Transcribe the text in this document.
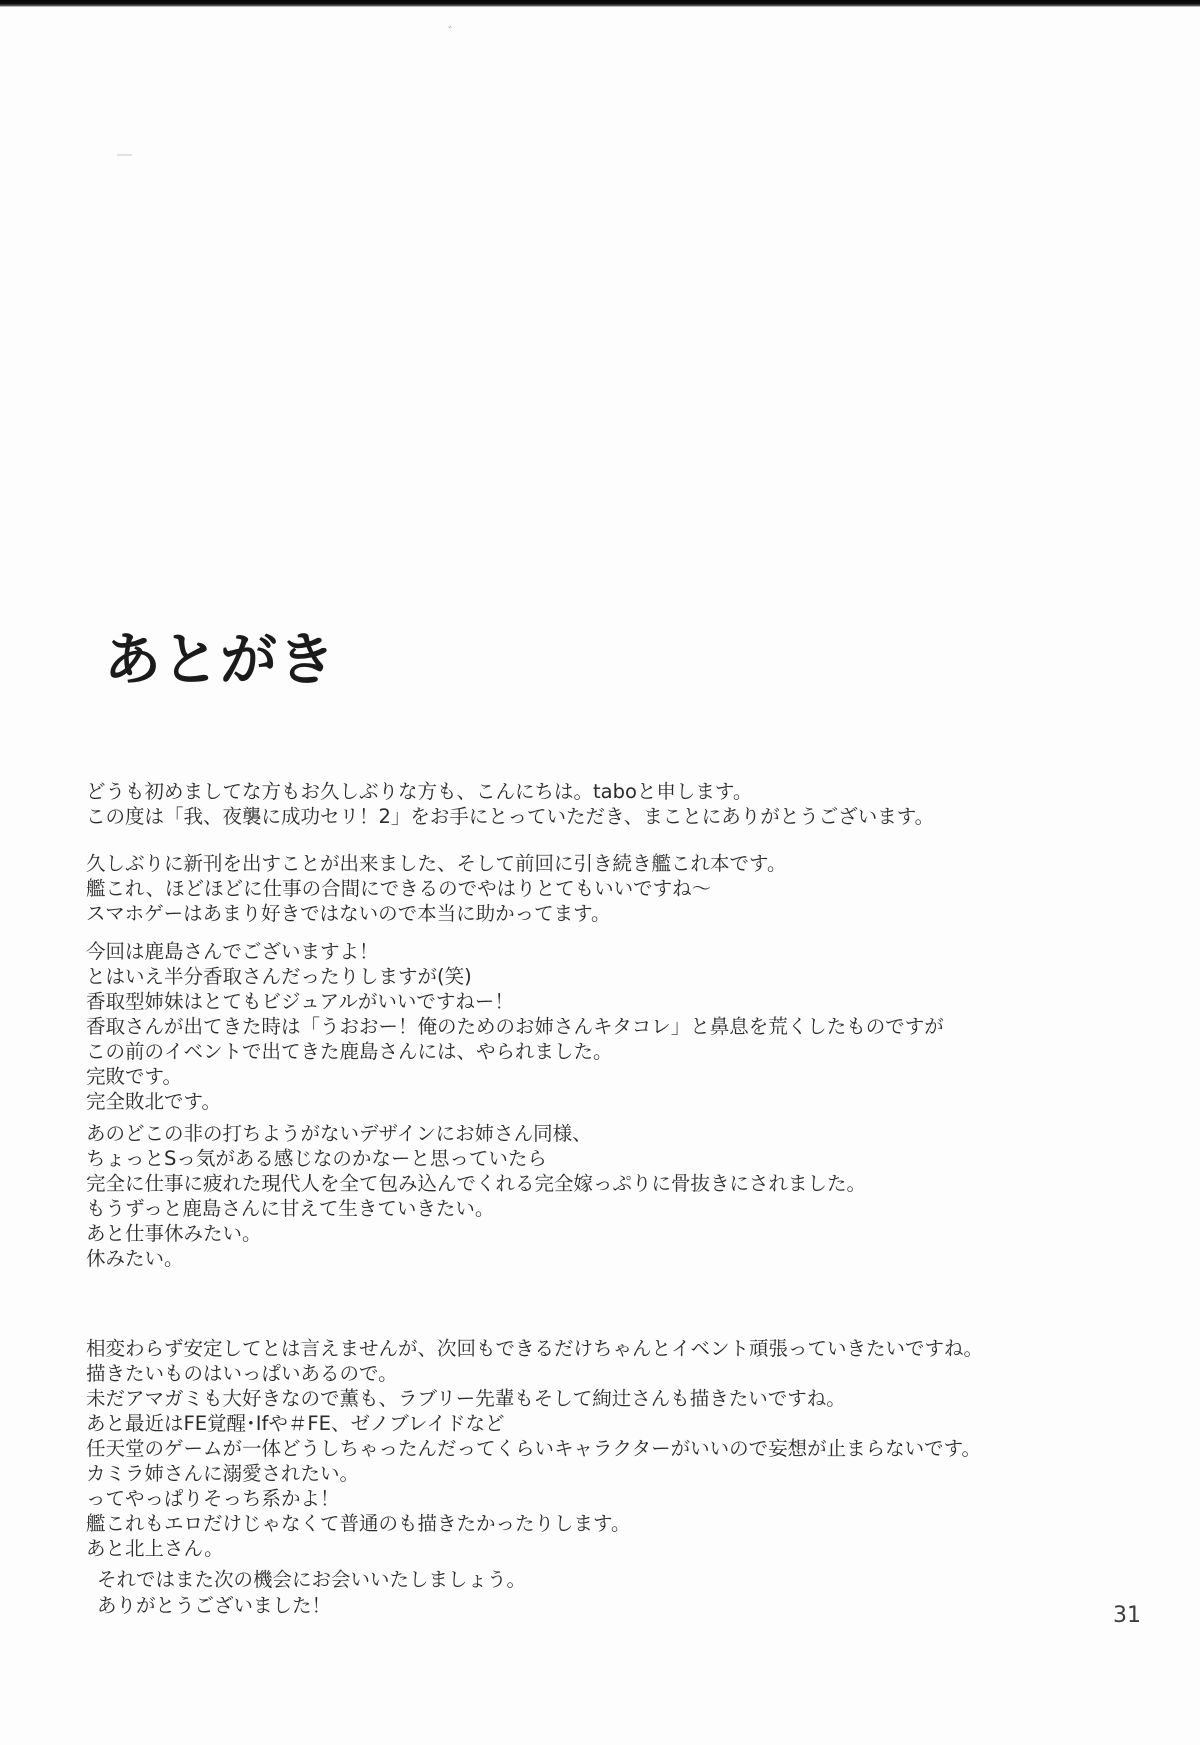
゛
あとがき
どうも初めましてな方もお久しぶりな方も、こんにちは。taboと申します。
この度は「我、夜襲に成功セリ！2」をお手にとっていただき、まことにありがとうございます。
久しぶりに新刊を出すことが出来ました、そして前回に引き続き艦これ本です。
艦これ、ほどほどに仕事の合間にできるのでやはりとてもいいですね～
スマホゲーはあまり好きではないので本当に助かってます。
今回は鹿島さんでございますよ！
とはいえ半分香取さんだったりしますが(笑)
香取型姉妹はとてもビジュアルがいいですねー！
香取さんが出てきた時は「うおおー！俺のためのお姉さんキタコレ」と鼻息を荒くしたものですが
この前のイベントで出てきた鹿島さんには、やられました。
完敗です。
完全敗北です。
あのどこの非の打ちようがないデザインにお姉さん同様、
ちょっとSっ気がある感じなのかなーと思っていたら
完全に仕事に疲れた現代人を全て包み込んでくれる完全嫁っぷりに骨抜きにされました。
もうずっと鹿島さんに甘えて生きていきたい。
あと仕事休みたい。
休みたい。
相変わらず安定してとは言えませんが、次回もできるだけちゃんとイベント頑張っていきたいですね。
描きたいものはいっぱいあるので。
未だアマガミも大好きなので薫も、ラブリー先輩もそして絢辻さんも描きたいですね。
あと最近はFE覚醒･Ifや＃FE、ゼノブレイドなど
任天堂のゲームが一体どうしちゃったんだってくらいキャラクターがいいので妄想が止まらないです。
カミラ姉さんに溺愛されたい。
ってやっぱりそっち系かよ！
艦これもエロだけじゃなくて普通のも描きたかったりします。
あと北上さん。
それではまた次の機会にお会いいたしましょう。
ありがとうございました！	31
